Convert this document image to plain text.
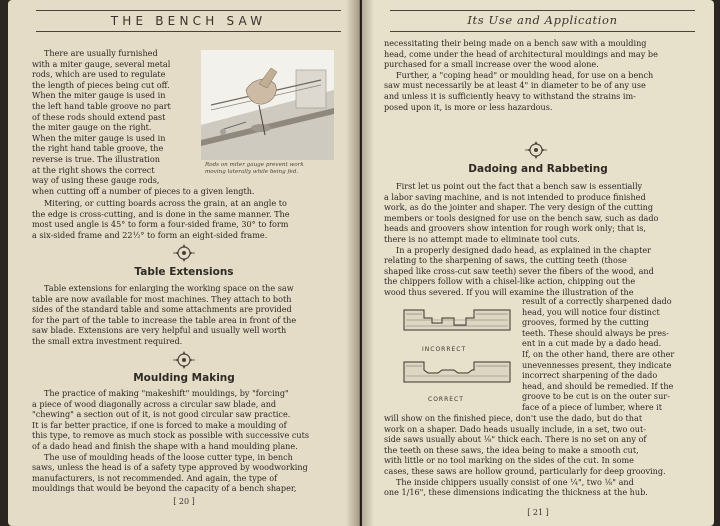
THE BENCH SAW
Rods on miter gauge prevent work
moving laterally while being fed.
There are usually furnished
with a miter gauge, several metal
rods, which are used to regulate
the length of pieces being cut off.
When the miter gauge is used in
the left hand table groove no part
of these rods should extend past
the miter gauge on the right.
When the miter gauge is used in
the right hand table groove, the
reverse is true. The illustration
at the right shows the correct
way of using these gauge rods,
when cutting off a number of pieces to a given length.
Mitering, or cutting boards across the grain, at an angle to
the edge is cross-cutting, and is done in the same manner. The
most used angle is 45° to form a four-sided frame, 30° to form
a six-sided frame and 22½° to form an eight-sided frame.
Table Extensions
Table extensions for enlarging the working space on the saw
table are now available for most machines. They attach to both
sides of the standard table and some attachments are provided
for the part of the table to increase the table area in front of the
saw blade. Extensions are very helpful and usually well worth
the small extra investment required.
Moulding Making
The practice of making "makeshift" mouldings, by "forcing"
a piece of wood diagonally across a circular saw blade, and
"chewing" a section out of it, is not good circular saw practice.
It is far better practice, if one is forced to make a moulding of
this type, to remove as much stock as possible with successive cuts
of a dado head and finish the shape with a hand moulding plane.
The use of moulding heads of the loose cutter type, in bench
saws, unless the head is of a safety type approved by woodworking
manufacturers, is not recommended. And again, the type of
mouldings that would be beyond the capacity of a bench shaper,
[ 20 ]
Its Use and Application
necessitating their being made on a bench saw with a moulding
head, come under the head of architectural mouldings and may be
purchased for a small increase over the wood alone.
Further, a "coping head" or moulding head, for use on a bench
saw must necessarily be at least 4" in diameter to be of any use
and unless it is sufficiently heavy to withstand the strains im-
posed upon it, is more or less hazardous.
Dadoing and Rabbeting
First let us point out the fact that a bench saw is essentially
a labor saving machine, and is not intended to produce finished
work, as do the jointer and shaper. The very design of the cutting
members or tools designed for use on the bench saw, such as dado
heads and groovers show intention for rough work only; that is,
there is no attempt made to eliminate tool cuts.
In a properly designed dado head, as explained in the chapter
relating to the sharpening of saws, the cutting teeth (those
shaped like cross-cut saw teeth) sever the fibers of the wood, and
the chippers follow with a chisel-like action, chipping out the
wood thus severed. If you will examine the illustration of the
INCORRECT
CORRECT
result of a correctly sharpened dado
head, you will notice four distinct
grooves, formed by the cutting
teeth. These should always be pres-
ent in a cut made by a dado head.
If, on the other hand, there are other
unevennesses present, they indicate
incorrect sharpening of the dado
head, and should be remedied. If the
groove to be cut is on the outer sur-
face of a piece of lumber, where it
will show on the finished piece, don't use the dado, but do that
work on a shaper. Dado heads usually include, in a set, two out-
side saws usually about ⅛" thick each. There is no set on any of
the teeth on these saws, the idea being to make a smooth cut,
with little or no tool marking on the sides of the cut. In some
cases, these saws are hollow ground, particularly for deep grooving.
The inside chippers usually consist of one ¼", two ⅛" and
one 1/16", these dimensions indicating the thickness at the hub.
[ 21 ]
